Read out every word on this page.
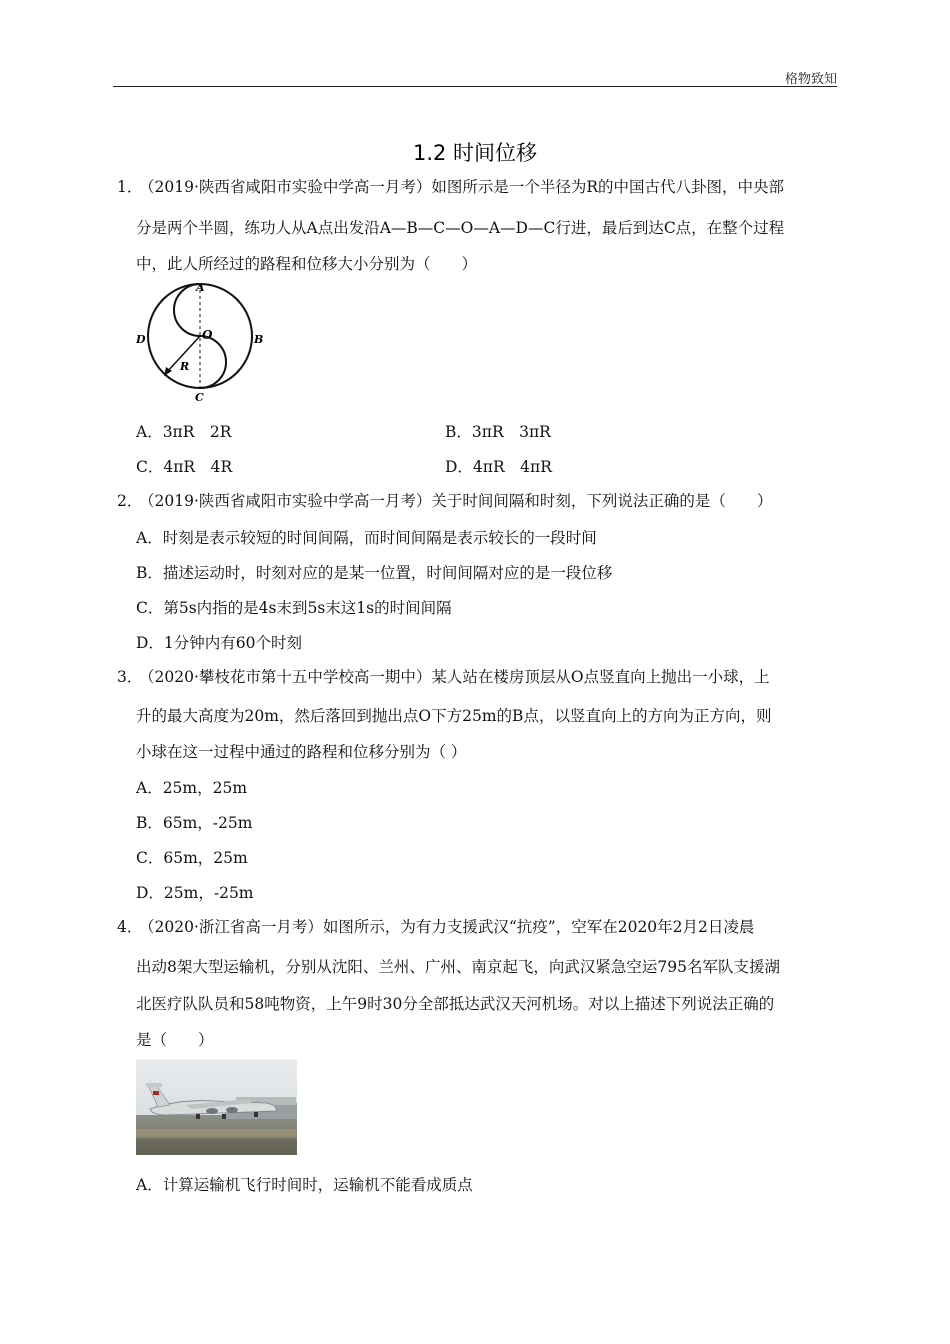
格物致知
1.2 时间位移
1．（2019·陕西省咸阳市实验中学高一月考）如图所示是一个半径为R的中国古代八卦图，中央部
分是两个半圆，练功人从A点出发沿A—B—C—O—A—D—C行进，最后到达C点，在整个过程
中，此人所经过的路程和位移大小分别为（　　）
A
B
C
D	O
R
A．3πR　2R	B．3πR　3πR
C．4πR　4R	D．4πR　4πR
2．（2019·陕西省咸阳市实验中学高一月考）关于时间间隔和时刻，下列说法正确的是（　　）
A．时刻是表示较短的时间间隔，而时间间隔是表示较长的一段时间
B．描述运动时，时刻对应的是某一位置，时间间隔对应的是一段位移
C．第5s内指的是4s末到5s末这1s的时间间隔
D．1分钟内有60个时刻
3．（2020·攀枝花市第十五中学校高一期中）某人站在楼房顶层从O点竖直向上抛出一小球，上
升的最大高度为20m，然后落回到抛出点O下方25m的B点，以竖直向上的方向为正方向，则
小球在这一过程中通过的路程和位移分别为（ ）
A．25m，25m
B．65m，-25m
C．65m，25m
D．25m，-25m
4．（2020·浙江省高一月考）如图所示，为有力支援武汉“抗疫”，空军在2020年2月2日凌晨
出动8架大型运输机，分别从沈阳、兰州、广州、南京起飞，向武汉紧急空运795名军队支援湖
北医疗队队员和58吨物资，上午9时30分全部抵达武汉天河机场。对以上描述下列说法正确的
是（　　）
A．计算运输机飞行时间时，运输机不能看成质点
